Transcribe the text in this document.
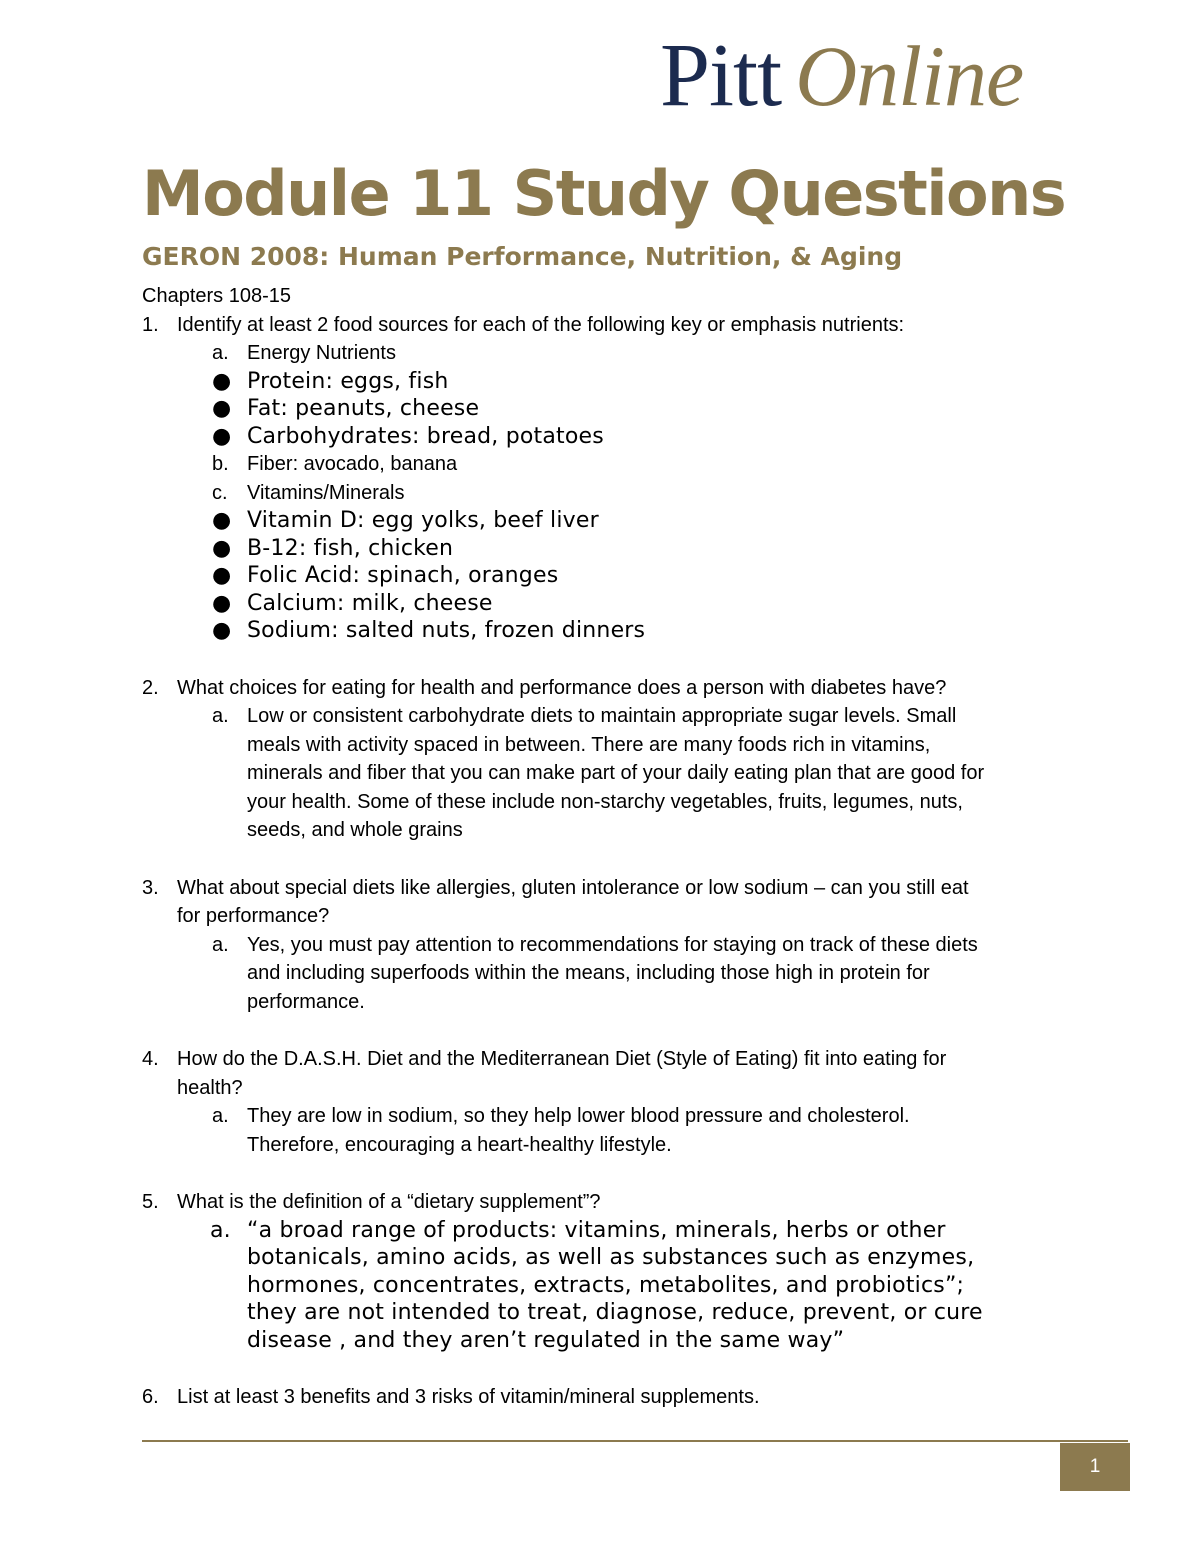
Pitt Online
Module 11 Study Questions
GERON 2008: Human Performance, Nutrition, & Aging
Chapters 108-15
1. Identify at least 2 food sources for each of the following key or emphasis nutrients:
a. Energy Nutrients
● Protein: eggs, fish
● Fat: peanuts, cheese
● Carbohydrates: bread, potatoes
b. Fiber: avocado, banana
c. Vitamins/Minerals
● Vitamin D: egg yolks, beef liver
● B-12: fish, chicken
● Folic Acid: spinach, oranges
● Calcium: milk, cheese
● Sodium: salted nuts, frozen dinners
2. What choices for eating for health and performance does a person with diabetes have?
a. Low or consistent carbohydrate diets to maintain appropriate sugar levels. Small
meals with activity spaced in between. There are many foods rich in vitamins,
minerals and fiber that you can make part of your daily eating plan that are good for
your health. Some of these include non-starchy vegetables, fruits, legumes, nuts,
seeds, and whole grains
3. What about special diets like allergies, gluten intolerance or low sodium – can you still eat
for performance?
a. Yes, you must pay attention to recommendations for staying on track of these diets
and including superfoods within the means, including those high in protein for
performance.
4. How do the D.A.S.H. Diet and the Mediterranean Diet (Style of Eating) fit into eating for
health?
a. They are low in sodium, so they help lower blood pressure and cholesterol.
Therefore, encouraging a heart-healthy lifestyle.
5. What is the definition of a “dietary supplement”?
a. “a broad range of products: vitamins, minerals, herbs or other
botanicals, amino acids, as well as substances such as enzymes,
hormones, concentrates, extracts, metabolites, and probiotics”;
they are not intended to treat, diagnose, reduce, prevent, or cure
disease , and they aren’t regulated in the same way”
6. List at least 3 benefits and 3 risks of vitamin/mineral supplements.
1
